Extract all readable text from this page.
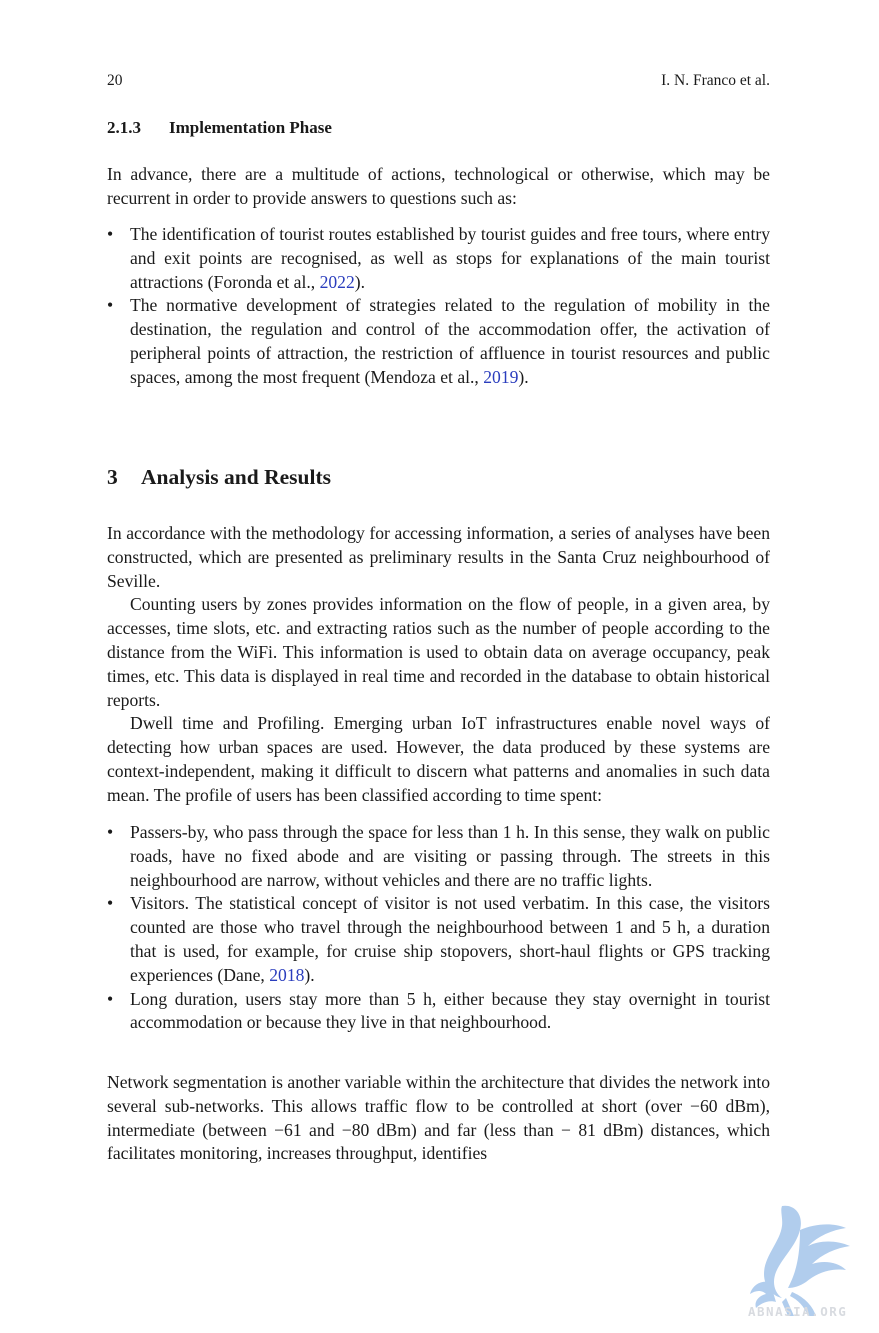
20	I. N. Franco et al.
2.1.3 Implementation Phase

In advance, there are a multitude of actions, technological or otherwise, which may be recurrent in order to provide answers to questions such as:

• The identification of tourist routes established by tourist guides and free tours, where entry and exit points are recognised, as well as stops for explanations of the main tourist attractions (Foronda et al., 2022).
• The normative development of strategies related to the regulation of mobility in the destination, the regulation and control of the accommodation offer, the activation of peripheral points of attraction, the restriction of affluence in tourist resources and public spaces, among the most frequent (Mendoza et al., 2019).
3 Analysis and Results

In accordance with the methodology for accessing information, a series of analyses have been constructed, which are presented as preliminary results in the Santa Cruz neighbourhood of Seville.

Counting users by zones provides information on the flow of people, in a given area, by accesses, time slots, etc. and extracting ratios such as the number of people according to the distance from the WiFi. This information is used to obtain data on average occupancy, peak times, etc. This data is displayed in real time and recorded in the database to obtain historical reports.

Dwell time and Profiling. Emerging urban IoT infrastructures enable novel ways of detecting how urban spaces are used. However, the data produced by these systems are context-independent, making it difficult to discern what patterns and anomalies in such data mean. The profile of users has been classified according to time spent:

• Passers-by, who pass through the space for less than 1 h. In this sense, they walk on public roads, have no fixed abode and are visiting or passing through. The streets in this neighbourhood are narrow, without vehicles and there are no traffic lights.
• Visitors. The statistical concept of visitor is not used verbatim. In this case, the visitors counted are those who travel through the neighbourhood between 1 and 5 h, a duration that is used, for example, for cruise ship stopovers, short-haul flights or GPS tracking experiences (Dane, 2018).
• Long duration, users stay more than 5 h, either because they stay overnight in tourist accommodation or because they live in that neighbourhood.

Network segmentation is another variable within the architecture that divides the network into several sub-networks. This allows traffic flow to be controlled at short (over −60 dBm), intermediate (between −61 and −80 dBm) and far (less than − 81 dBm) distances, which facilitates monitoring, increases throughput, identifies

ABNASIA.ORG
